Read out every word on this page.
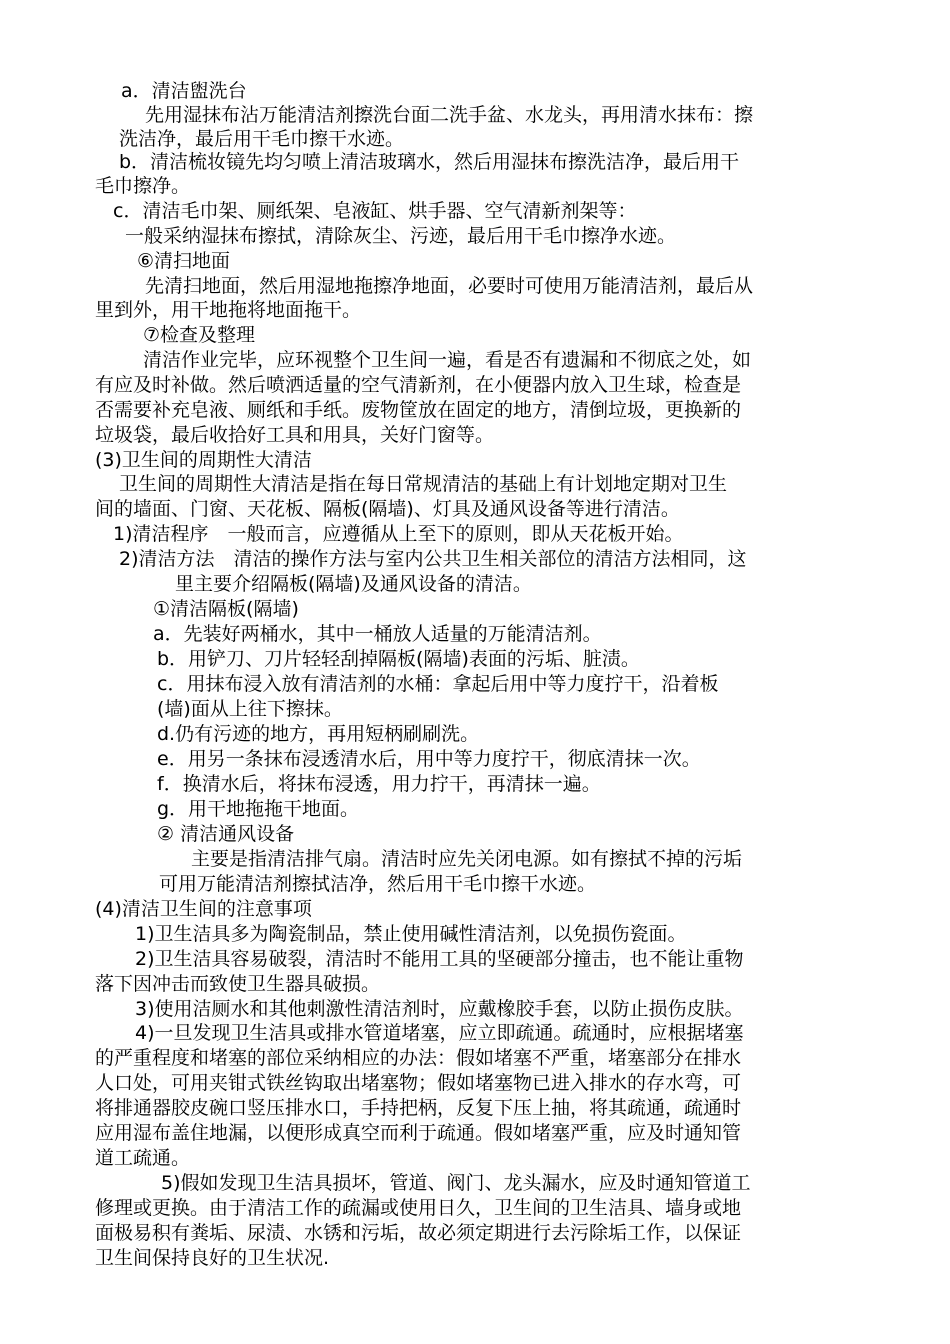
a．清洁盥洗台
先用湿抹布沾万能清洁剂擦洗台面二洗手盆、水龙头，再用清水抹布：擦
洗洁净，最后用干毛巾擦干水迹。
b．清洁梳妆镜先均匀喷上清洁玻璃水，然后用湿抹布擦洗洁净，最后用干
毛巾擦净。
c．清洁毛巾架、厕纸架、皂液缸、烘手器、空气清新剂架等：
一般采纳湿抹布擦拭，清除灰尘、污迹，最后用干毛巾擦净水迹。
⑥清扫地面
先清扫地面，然后用湿地拖擦净地面，必要时可使用万能清洁剂，最后从
里到外，用干地拖将地面拖干。
⑦检查及整理
清洁作业完毕，应环视整个卫生间一遍，看是否有遗漏和不彻底之处，如
有应及时补做。然后喷洒适量的空气清新剂，在小便器内放入卫生球，检查是
否需要补充皂液、厕纸和手纸。废物筐放在固定的地方，清倒垃圾，更换新的
垃圾袋，最后收拾好工具和用具，关好门窗等。
(3)卫生间的周期性大清洁
卫生间的周期性大清洁是指在每日常规清洁的基础上有计划地定期对卫生
间的墙面、门窗、天花板、隔板(隔墙)、灯具及通风设备等进行清洁。
1)清洁程序　一般而言，应遵循从上至下的原则，即从天花板开始。
2)清洁方法　清洁的操作方法与室内公共卫生相关部位的清洁方法相同，这
里主要介绍隔板(隔墙)及通风设备的清洁。
①清洁隔板(隔墙)
a．先装好两桶水，其中一桶放人适量的万能清洁剂。
b．用铲刀、刀片轻轻刮掉隔板(隔墙)表面的污垢、脏渍。
c．用抹布浸入放有清洁剂的水桶：拿起后用中等力度拧干，沿着板
(墙)面从上往下擦抹。
d.仍有污迹的地方，再用短柄刷刷洗。
e．用另一条抹布浸透清水后，用中等力度拧干，彻底清抹一次。
f．换清水后，将抹布浸透，用力拧干，再清抹一遍。
g．用干地拖拖干地面。
② 清洁通风设备
主要是指清洁排气扇。清洁时应先关闭电源。如有擦拭不掉的污垢
可用万能清洁剂擦拭洁净，然后用干毛巾擦干水迹。
(4)清洁卫生间的注意事项
1)卫生洁具多为陶瓷制品，禁止使用碱性清洁剂，以免损伤瓷面。
2)卫生洁具容易破裂，清洁时不能用工具的坚硬部分撞击，也不能让重物
落下因冲击而致使卫生器具破损。
3)使用洁厕水和其他刺激性清洁剂时，应戴橡胶手套，以防止损伤皮肤。
4)一旦发现卫生洁具或排水管道堵塞，应立即疏通。疏通时，应根据堵塞
的严重程度和堵塞的部位采纳相应的办法：假如堵塞不严重，堵塞部分在排水
人口处，可用夹钳式铁丝钩取出堵塞物；假如堵塞物已进入排水的存水弯，可
将排通器胶皮碗口竖压排水口，手持把柄，反复下压上抽，将其疏通，疏通时
应用湿布盖住地漏，以便形成真空而利于疏通。假如堵塞严重，应及时通知管
道工疏通。
5)假如发现卫生洁具损坏，管道、阀门、龙头漏水，应及时通知管道工
修理或更换。由于清洁工作的疏漏或使用日久，卫生间的卫生洁具、墙身或地
面极易积有粪垢、尿渍、水锈和污垢，故必须定期进行去污除垢工作，以保证
卫生间保持良好的卫生状况.
